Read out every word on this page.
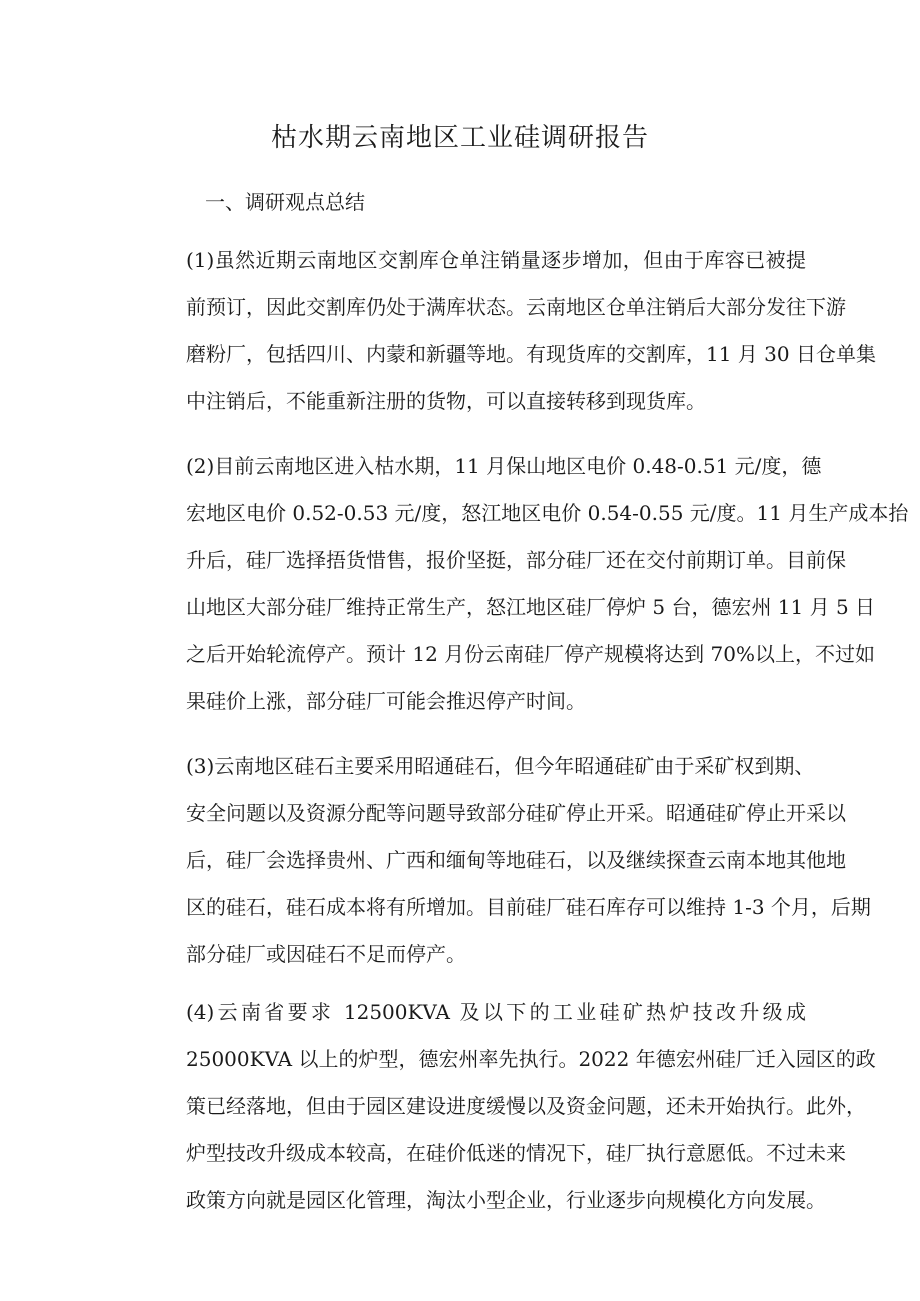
枯水期云南地区工业硅调研报告
一、调研观点总结
(1)虽然近期云南地区交割库仓单注销量逐步增加，但由于库容已被提
前预订，因此交割库仍处于满库状态。云南地区仓单注销后大部分发往下游
磨粉厂，包括四川、内蒙和新疆等地。有现货库的交割库，11 月 30 日仓单集
中注销后，不能重新注册的货物，可以直接转移到现货库。
(2)目前云南地区进入枯水期，11 月保山地区电价 0.48-0.51 元/度，德
宏地区电价 0.52-0.53 元/度，怒江地区电价 0.54-0.55 元/度。11 月生产成本抬
升后，硅厂选择捂货惜售，报价坚挺，部分硅厂还在交付前期订单。目前保
山地区大部分硅厂维持正常生产，怒江地区硅厂停炉 5 台，德宏州 11 月 5 日
之后开始轮流停产。预计 12 月份云南硅厂停产规模将达到 70%以上，不过如
果硅价上涨，部分硅厂可能会推迟停产时间。
(3)云南地区硅石主要采用昭通硅石，但今年昭通硅矿由于采矿权到期、
安全问题以及资源分配等问题导致部分硅矿停止开采。昭通硅矿停止开采以
后，硅厂会选择贵州、广西和缅甸等地硅石，以及继续探查云南本地其他地
区的硅石，硅石成本将有所增加。目前硅厂硅石库存可以维持 1-3 个月，后期
部分硅厂或因硅石不足而停产。
(4)云南省要求 12500KVA 及以下的工业硅矿热炉技改升级成
25000KVA 以上的炉型，德宏州率先执行。2022 年德宏州硅厂迁入园区的政
策已经落地，但由于园区建设进度缓慢以及资金问题，还未开始执行。此外，
炉型技改升级成本较高，在硅价低迷的情况下，硅厂执行意愿低。不过未来
政策方向就是园区化管理，淘汰小型企业，行业逐步向规模化方向发展。
